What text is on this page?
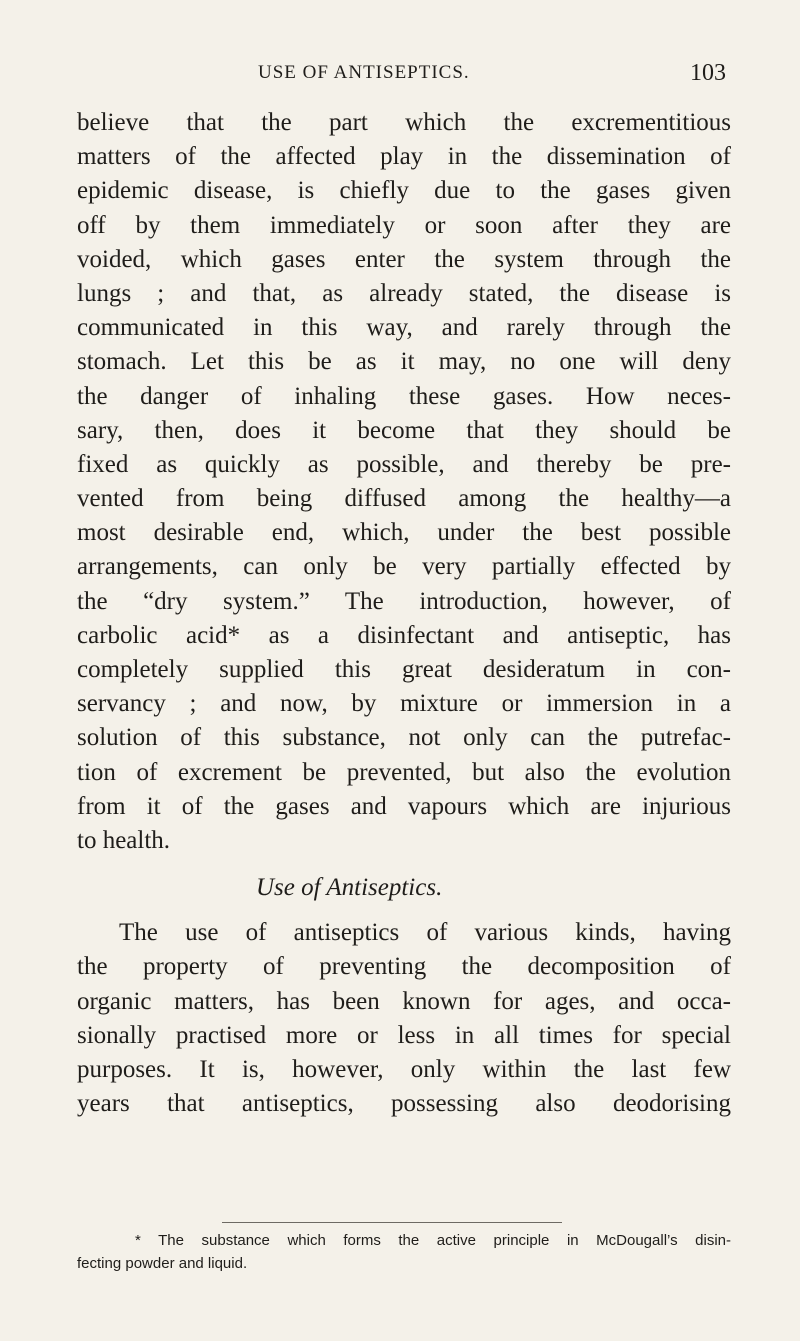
USE OF ANTISEPTICS.	103
believe that the part which the excrementitious
matters of the affected play in the dissemination of
epidemic disease, is chiefly due to the gases given
off by them immediately or soon after they are
voided, which gases enter the system through the
lungs ; and that, as already stated, the disease is
communicated in this way, and rarely through the
stomach. Let this be as it may, no one will deny
the danger of inhaling these gases. How neces-
sary, then, does it become that they should be
fixed as quickly as possible, and thereby be pre-
vented from being diffused among the healthy—a
most desirable end, which, under the best possible
arrangements, can only be very partially effected by
the “dry system.” The introduction, however, of
carbolic acid* as a disinfectant and antiseptic, has
completely supplied this great desideratum in con-
servancy ; and now, by mixture or immersion in a
solution of this substance, not only can the putrefac-
tion of excrement be prevented, but also the evolution
from it of the gases and vapours which are injurious
to health.
Use of Antiseptics.
The use of antiseptics of various kinds, having
the property of preventing the decomposition of
organic matters, has been known for ages, and occa-
sionally practised more or less in all times for special
purposes. It is, however, only within the last few
years that antiseptics, possessing also deodorising
* The substance which forms the active principle in McDougall’s disin-
fecting powder and liquid.
